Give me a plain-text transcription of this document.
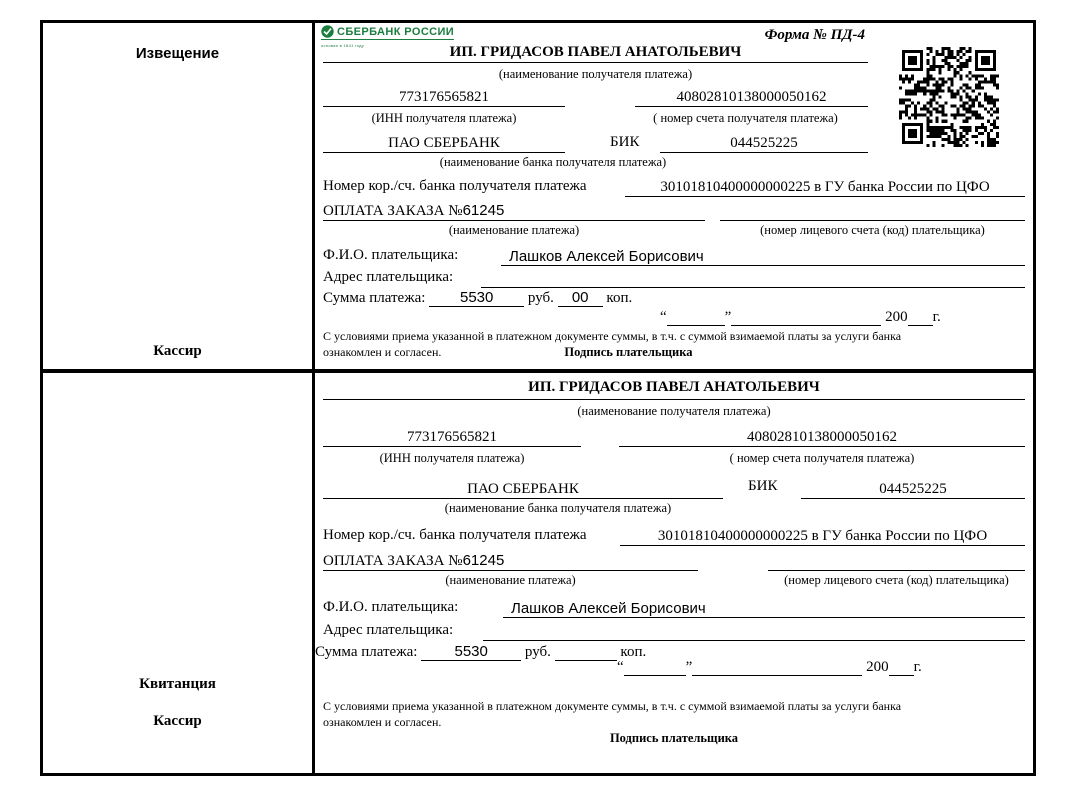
Извещение
Кассир
СБЕРБАНК РОССИИ
основан в 1841 году
Форма № ПД-4
ИП. ГРИДАСОВ ПАВЕЛ АНАТОЛЬЕВИЧ
(наименование получателя платежа)
773176565821	40802810138000050162
(ИНН получателя платежа)	( номер счета получателя платежа)
ПАО СБЕРБАНК	БИК	044525225
(наименование банка получателя платежа)
Номер кор./сч. банка получателя платежа	30101810400000000225 в ГУ банка России по ЦФО
ОПЛАТА ЗАКАЗА №61245
(наименование платежа)	(номер лицевого счета (код) плательщика)
Ф.И.О. плательщика:	Лашков Алексей Борисович
Адрес плательщика:
Сумма платежа: 5530 руб. 00 коп.
“	”	200 г.
С условиями приема указанной в платежном документе суммы, в т.ч. с суммой взимаемой платы за услуги банка
ознакомлен и согласен.	Подпись плательщика
Квитанция
Кассир
ИП. ГРИДАСОВ ПАВЕЛ АНАТОЛЬЕВИЧ
(наименование получателя платежа)
773176565821	40802810138000050162
(ИНН получателя платежа)	( номер счета получателя платежа)
ПАО СБЕРБАНК	БИК	044525225
(наименование банка получателя платежа)
Номер кор./сч. банка получателя платежа	30101810400000000225 в ГУ банка России по ЦФО
ОПЛАТА ЗАКАЗА №61245
(наименование платежа)	(номер лицевого счета (код) плательщика)
Ф.И.О. плательщика:	Лашков Алексей Борисович
Адрес плательщика:
Сумма платежа: 5530 руб.	коп.
“	”	200 г.
С условиями приема указанной в платежном документе суммы, в т.ч. с суммой взимаемой платы за услуги банка
ознакомлен и согласен.
Подпись плательщика
